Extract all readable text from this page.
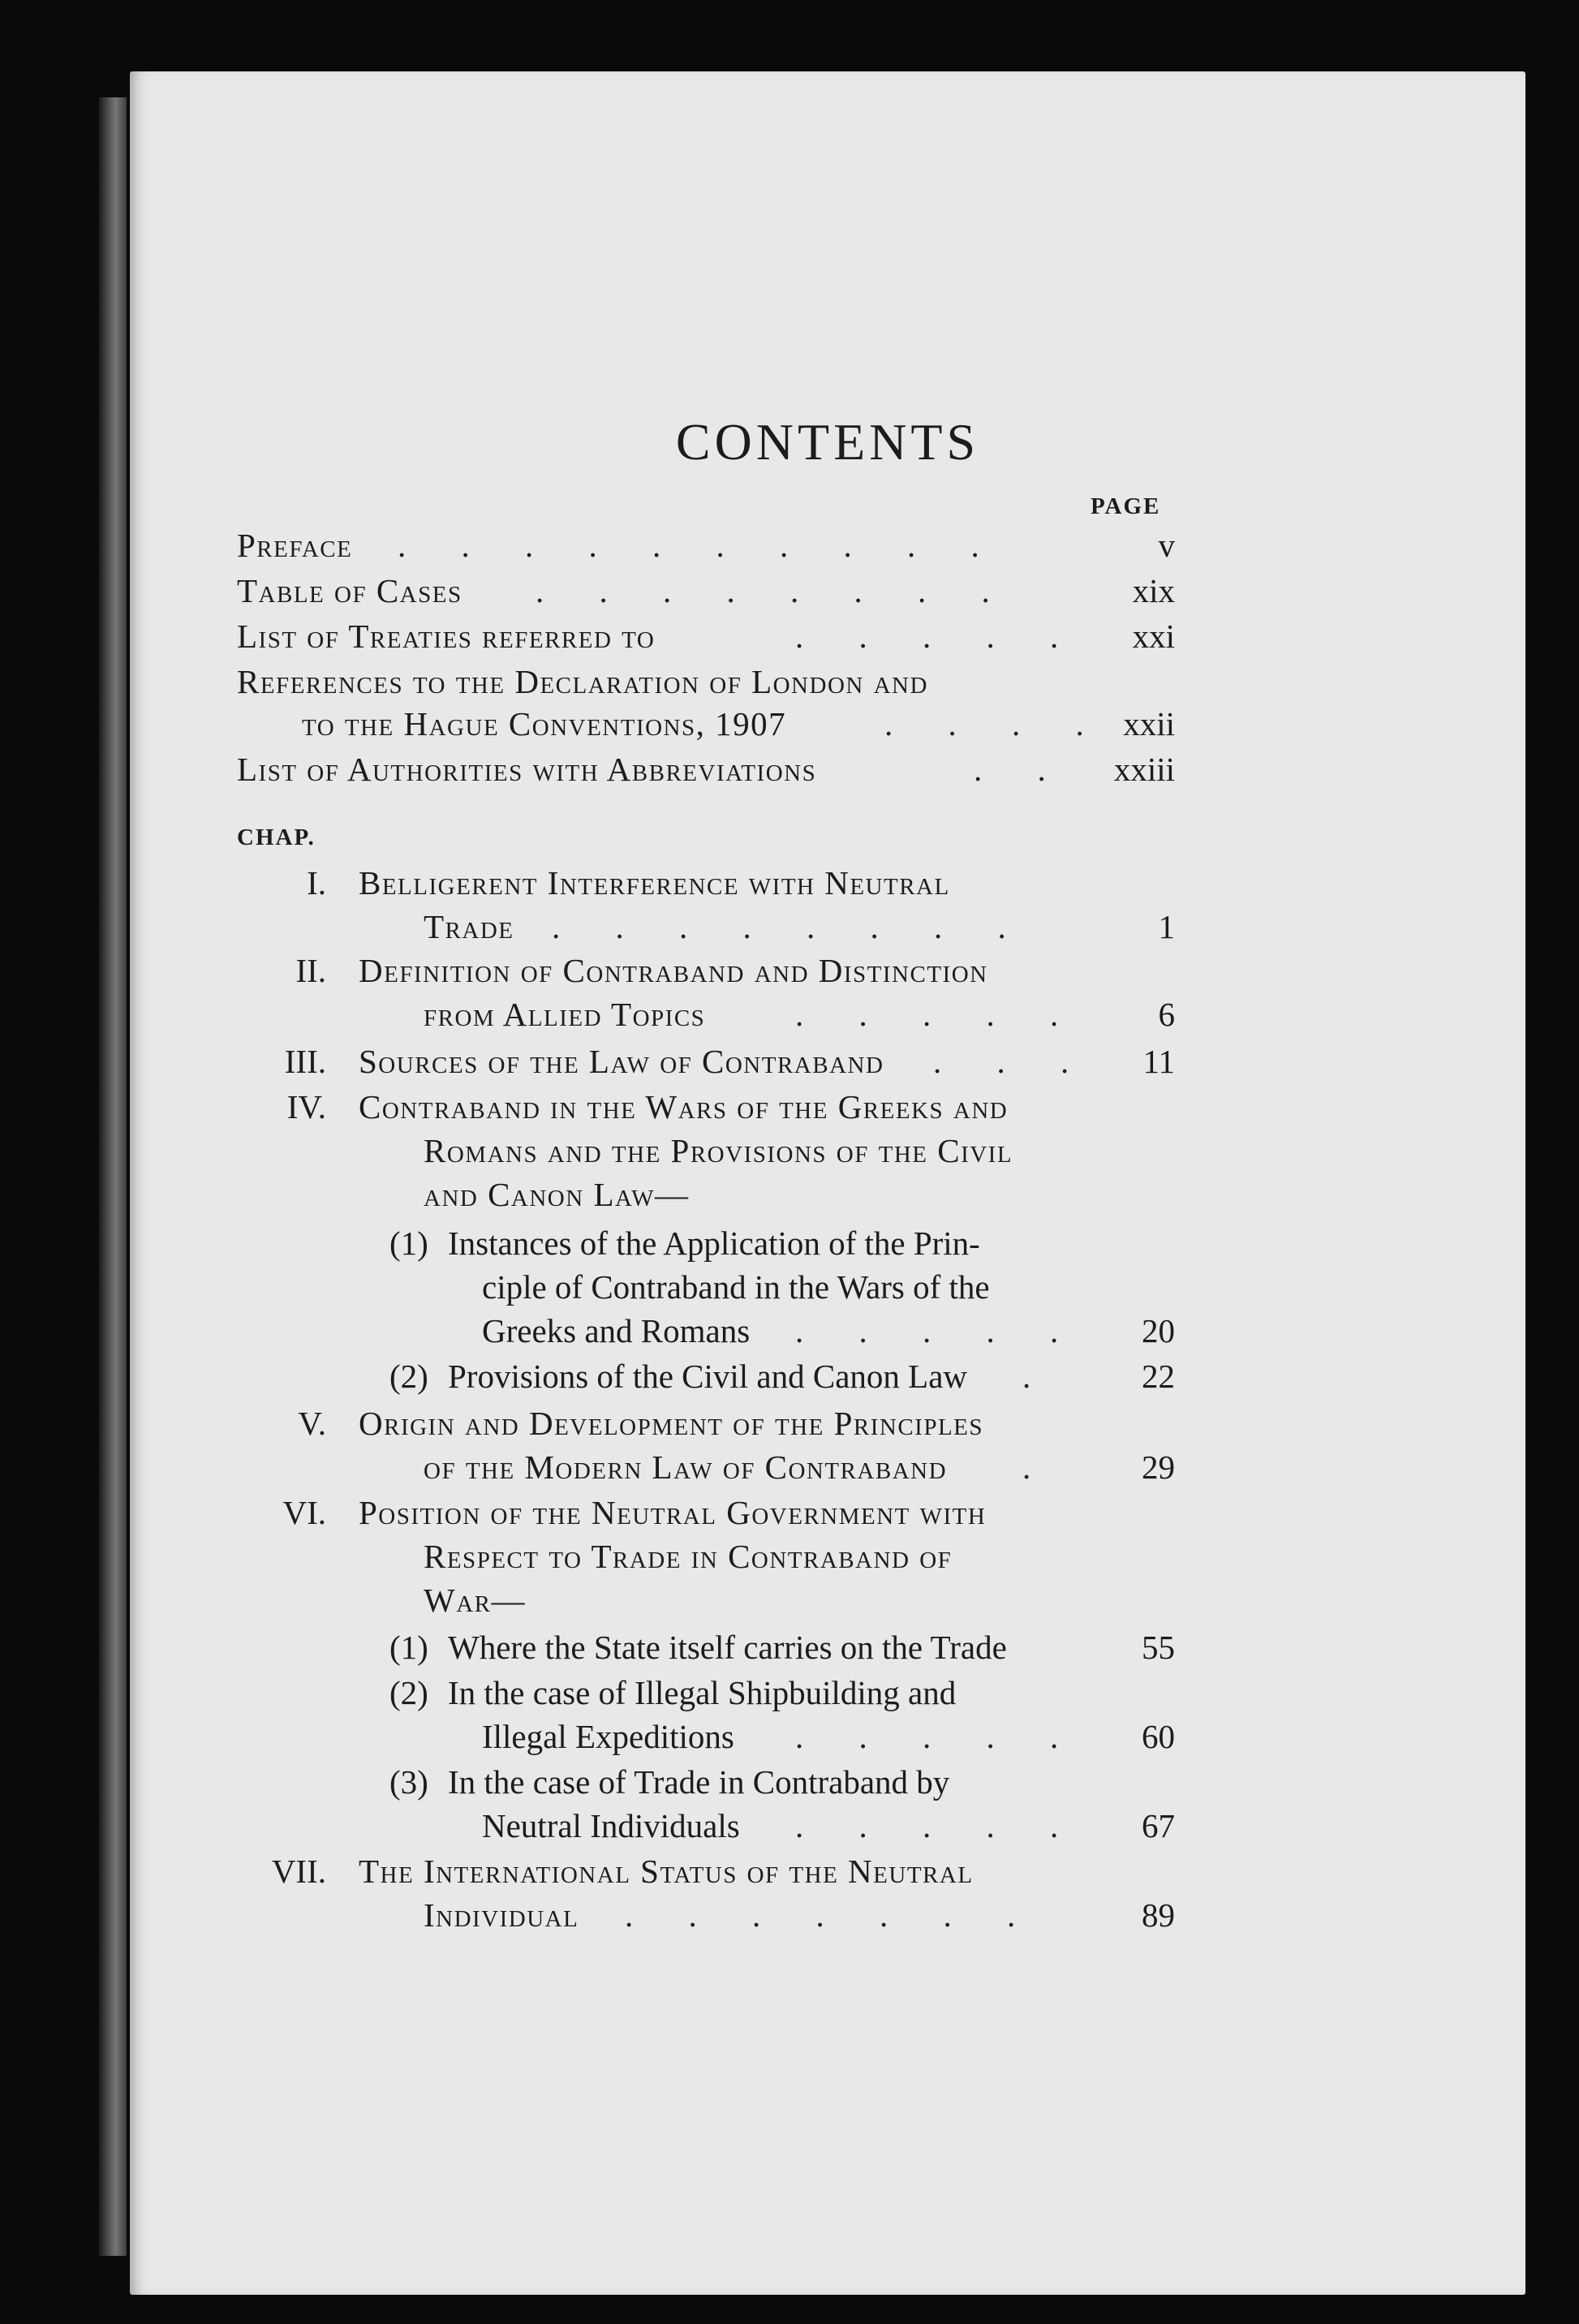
CONTENTS
PAGE
Preface . . . . . . . . . .	v
Table of Cases . . . . . . . .	xix
List of Treaties referred to	. . . . .	xxi
References to the Declaration of London and
to the Hague Conventions, 1907	. . . . xxii
List of Authorities with Abbreviations	. .	xxiii
CHAP.
I. Belligerent Interference with Neutral
Trade . . . . . . . .	1
II. Definition of Contraband and Distinction
from Allied Topics	. . . . .	6
III. Sources of the Law of Contraband . . .	11
IV. Contraband in the Wars of the Greeks and
Romans and the Provisions of the Civil
and Canon Law—
(1) Instances of the Application of the Prin-
ciple of Contraband in the Wars of the
Greeks and Romans . . . . .	20
(2) Provisions of the Civil and Canon Law .	22
V. Origin and Development of the Principles
of the Modern Law of Contraband .	29
VI. Position of the Neutral Government with
Respect to Trade in Contraband of
War—
(1) Where the State itself carries on the Trade	55
(2) In the case of Illegal Shipbuilding and
Illegal Expeditions . . . . .	60
(3) In the case of Trade in Contraband by
Neutral Individuals . . . . .	67
VII. The International Status of the Neutral
Individual . . . . . . .	89
